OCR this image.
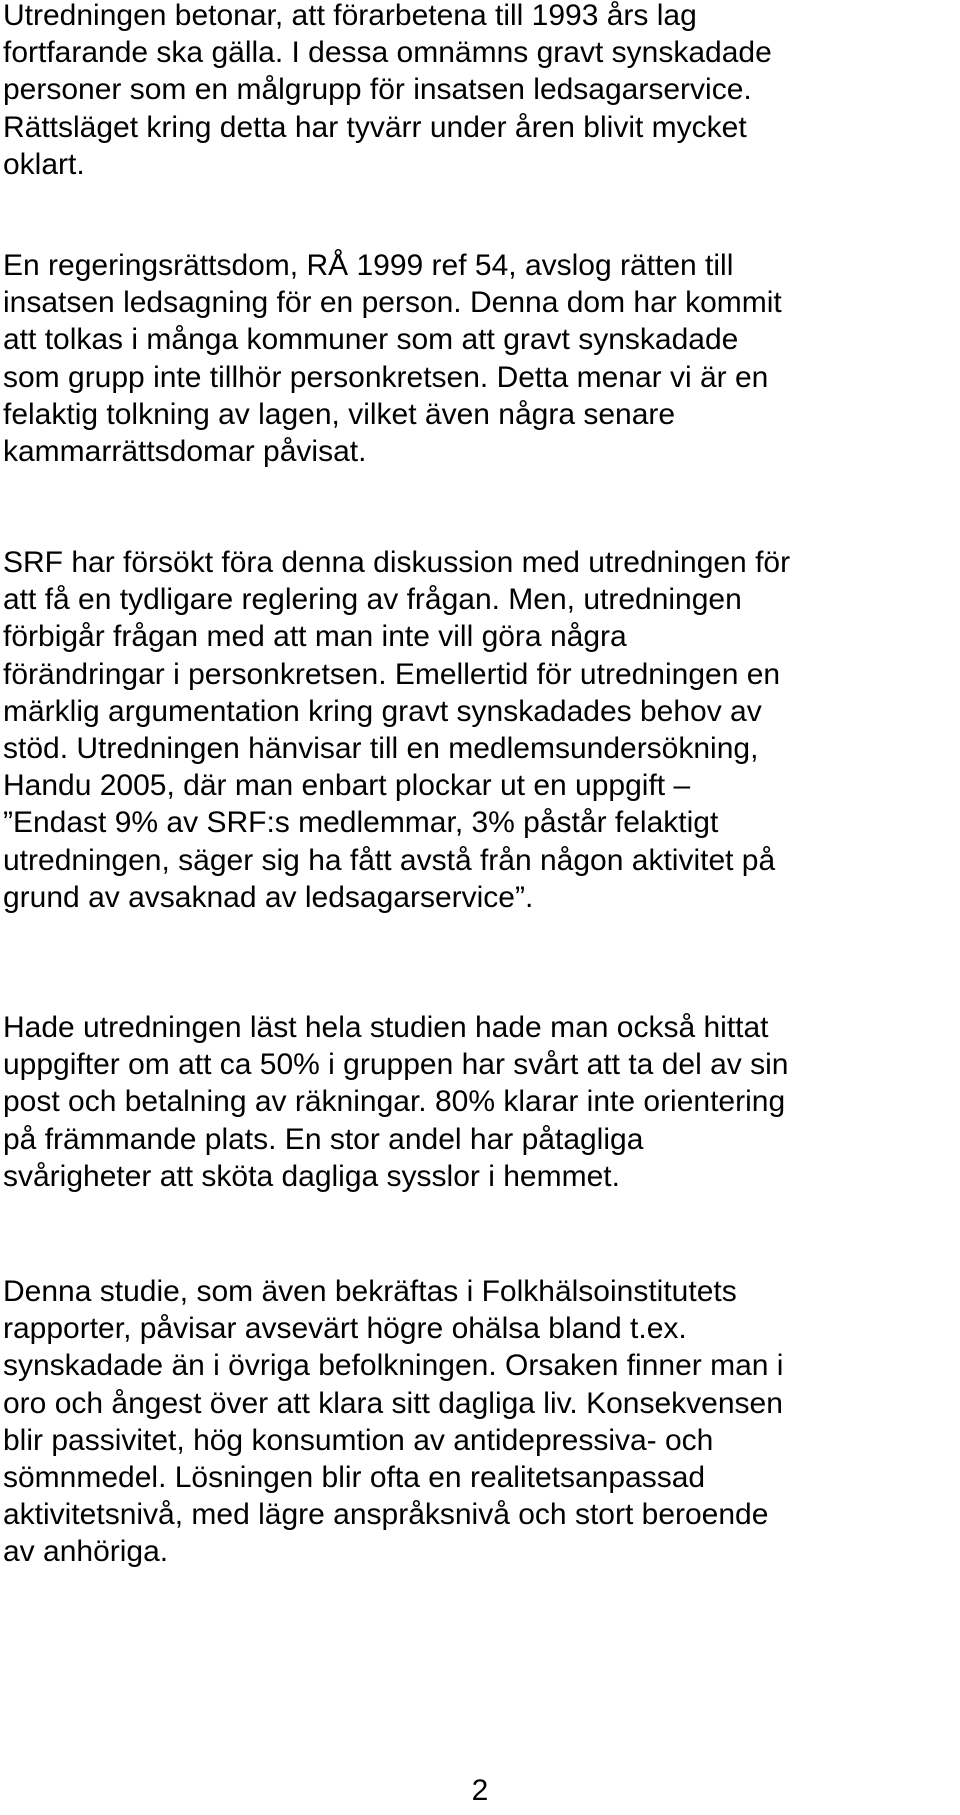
Utredningen betonar, att förarbetena till 1993 års lag
fortfarande ska gälla. I dessa omnämns gravt synskadade
personer som en målgrupp för insatsen ledsagarservice.
Rättsläget kring detta har tyvärr under åren blivit mycket
oklart.

En regeringsrättsdom, RÅ 1999 ref 54, avslog rätten till
insatsen ledsagning för en person. Denna dom har kommit
att tolkas i många kommuner som att gravt synskadade
som grupp inte tillhör personkretsen. Detta menar vi är en
felaktig tolkning av lagen, vilket även några senare
kammarrättsdomar påvisat.

SRF har försökt föra denna diskussion med utredningen för
att få en tydligare reglering av frågan. Men, utredningen
förbigår frågan med att man inte vill göra några
förändringar i personkretsen. Emellertid för utredningen en
märklig argumentation kring gravt synskadades behov av
stöd. Utredningen hänvisar till en medlemsundersökning,
Handu 2005, där man enbart plockar ut en uppgift –
”Endast 9% av SRF:s medlemmar, 3% påstår felaktigt
utredningen, säger sig ha fått avstå från någon aktivitet på
grund av avsaknad av ledsagarservice”.

Hade utredningen läst hela studien hade man också hittat
uppgifter om att ca 50% i gruppen har svårt att ta del av sin
post och betalning av räkningar. 80% klarar inte orientering
på främmande plats. En stor andel har påtagliga
svårigheter att sköta dagliga sysslor i hemmet.

Denna studie, som även bekräftas i Folkhälsoinstitutets
rapporter, påvisar avsevärt högre ohälsa bland t.ex.
synskadade än i övriga befolkningen. Orsaken finner man i
oro och ångest över att klara sitt dagliga liv. Konsekvensen
blir passivitet, hög konsumtion av antidepressiva- och
sömnmedel. Lösningen blir ofta en realitetsanpassad
aktivitetsnivå, med lägre anspråksnivå och stort beroende
av anhöriga.

2
